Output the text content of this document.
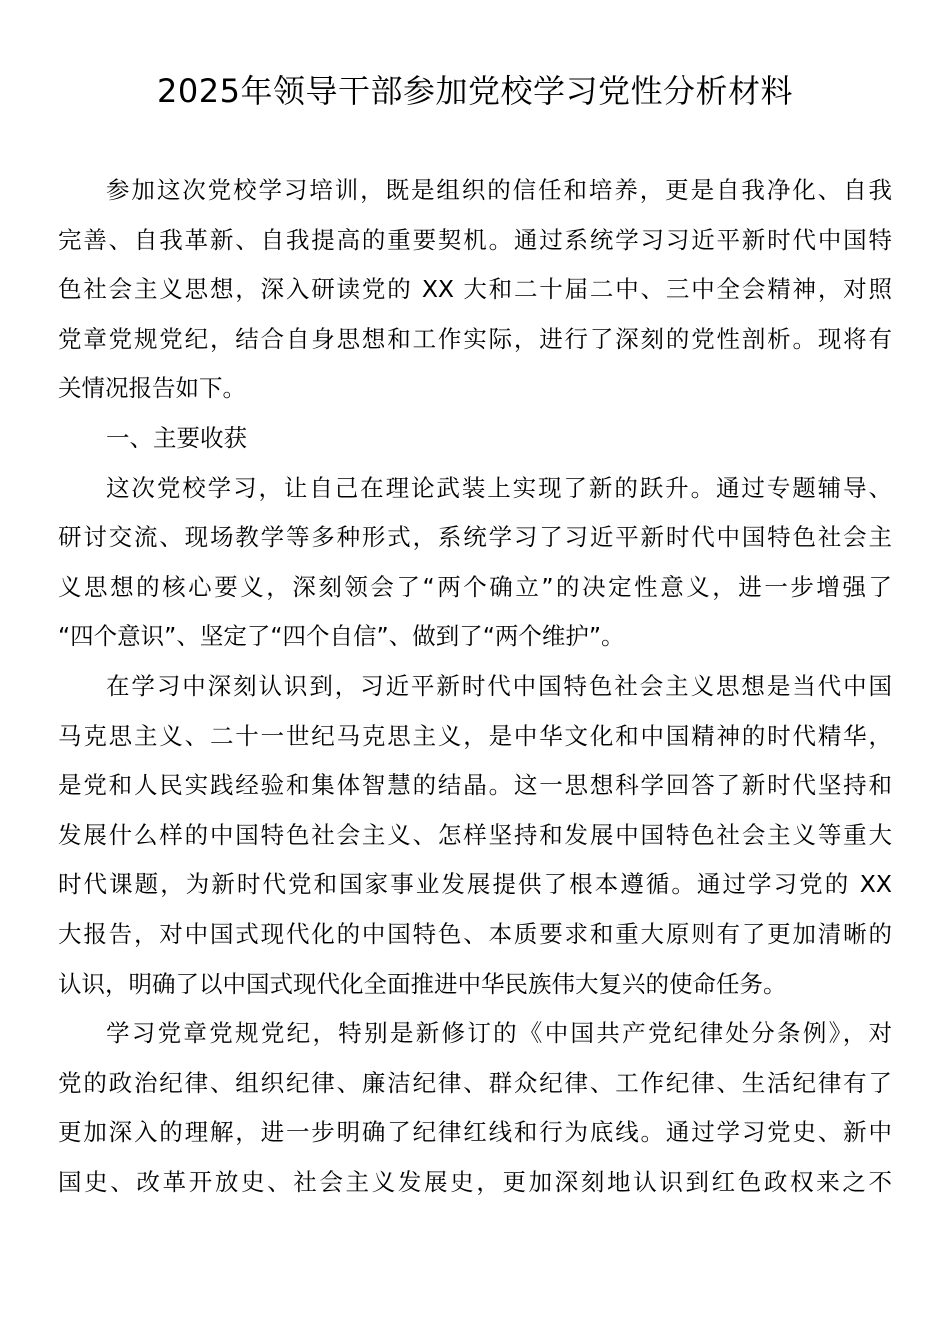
2025年领导干部参加党校学习党性分析材料
参加这次党校学习培训，既是组织的信任和培养，更是自我净化、自我
完善、自我革新、自我提高的重要契机。通过系统学习习近平新时代中国特
色社会主义思想，深入研读党的 XX 大和二十届二中、三中全会精神，对照
党章党规党纪，结合自身思想和工作实际，进行了深刻的党性剖析。现将有
关情况报告如下。
一、主要收获
这次党校学习，让自己在理论武装上实现了新的跃升。通过专题辅导、
研讨交流、现场教学等多种形式，系统学习了习近平新时代中国特色社会主
义思想的核心要义，深刻领会了“两个确立”的决定性意义，进一步增强了
“四个意识”、坚定了“四个自信”、做到了“两个维护”。
在学习中深刻认识到，习近平新时代中国特色社会主义思想是当代中国
马克思主义、二十一世纪马克思主义，是中华文化和中国精神的时代精华，
是党和人民实践经验和集体智慧的结晶。这一思想科学回答了新时代坚持和
发展什么样的中国特色社会主义、怎样坚持和发展中国特色社会主义等重大
时代课题，为新时代党和国家事业发展提供了根本遵循。通过学习党的 XX
大报告，对中国式现代化的中国特色、本质要求和重大原则有了更加清晰的
认识，明确了以中国式现代化全面推进中华民族伟大复兴的使命任务。
学习党章党规党纪，特别是新修订的《中国共产党纪律处分条例》，对
党的政治纪律、组织纪律、廉洁纪律、群众纪律、工作纪律、生活纪律有了
更加深入的理解，进一步明确了纪律红线和行为底线。通过学习党史、新中
国史、改革开放史、社会主义发展史，更加深刻地认识到红色政权来之不
